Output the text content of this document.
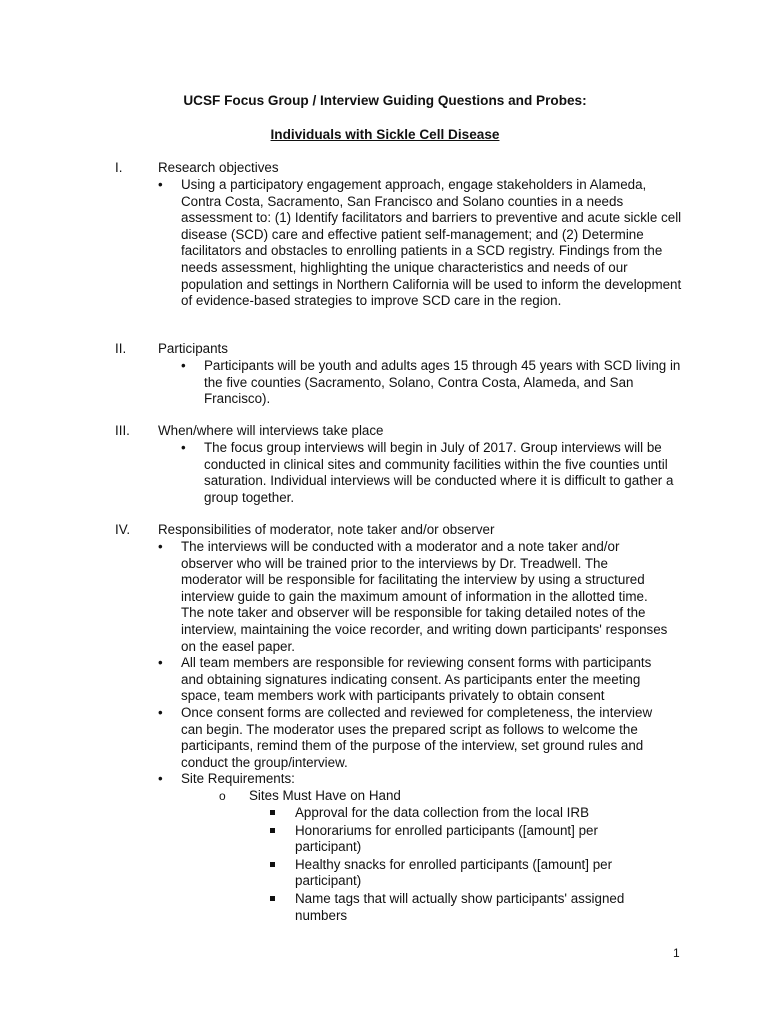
UCSF Focus Group / Interview Guiding Questions and Probes:
Individuals with Sickle Cell Disease
I.	Research objectives
• Using a participatory engagement approach, engage stakeholders in Alameda, Contra Costa, Sacramento, San Francisco and Solano counties in a needs assessment to: (1) Identify facilitators and barriers to preventive and acute sickle cell disease (SCD) care and effective patient self-management; and (2) Determine facilitators and obstacles to enrolling patients in a SCD registry. Findings from the needs assessment, highlighting the unique characteristics and needs of our population and settings in Northern California will be used to inform the development of evidence-based strategies to improve SCD care in the region.
II. Participants
• Participants will be youth and adults ages 15 through 45 years with SCD living in the five counties (Sacramento, Solano, Contra Costa, Alameda, and San Francisco).
III. When/where will interviews take place
• The focus group interviews will begin in July of 2017. Group interviews will be conducted in clinical sites and community facilities within the five counties until saturation. Individual interviews will be conducted where it is difficult to gather a group together.
IV. Responsibilities of moderator, note taker and/or observer
• The interviews will be conducted with a moderator and a note taker and/or observer who will be trained prior to the interviews by Dr. Treadwell. The moderator will be responsible for facilitating the interview by using a structured interview guide to gain the maximum amount of information in the allotted time. The note taker and observer will be responsible for taking detailed notes of the interview, maintaining the voice recorder, and writing down participants' responses on the easel paper.
• All team members are responsible for reviewing consent forms with participants and obtaining signatures indicating consent. As participants enter the meeting space, team members work with participants privately to obtain consent
• Once consent forms are collected and reviewed for completeness, the interview can begin. The moderator uses the prepared script as follows to welcome the participants, remind them of the purpose of the interview, set ground rules and conduct the group/interview.
• Site Requirements:
o Sites Must Have on Hand
Approval for the data collection from the local IRB
Honorariums for enrolled participants ([amount] per participant)
Healthy snacks for enrolled participants ([amount] per participant)
Name tags that will actually show participants' assigned numbers
1
